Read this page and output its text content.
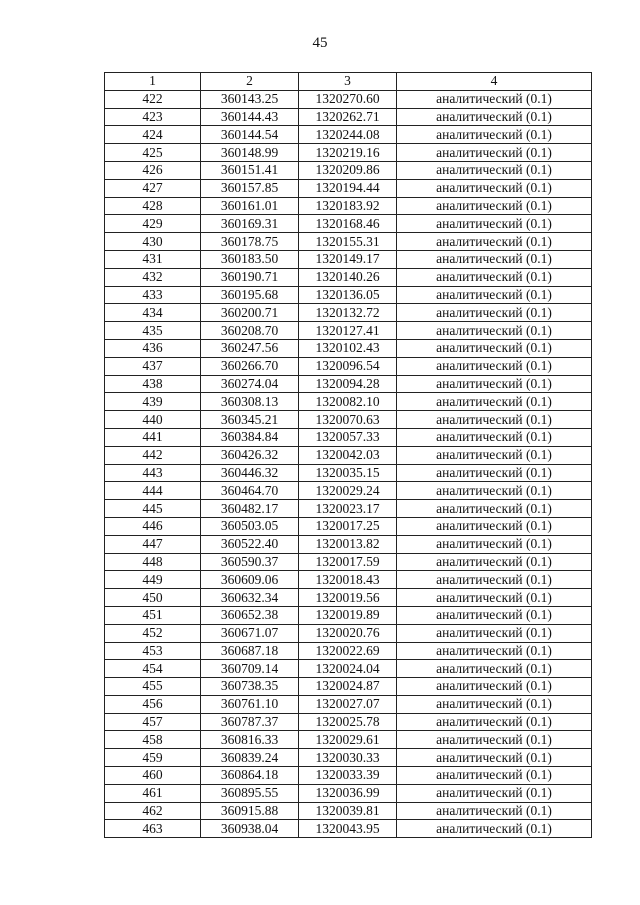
45
1	2	3	4
422	360143.25	1320270.60	аналитический (0.1)
423	360144.43	1320262.71	аналитический (0.1)
424	360144.54	1320244.08	аналитический (0.1)
425	360148.99	1320219.16	аналитический (0.1)
426	360151.41	1320209.86	аналитический (0.1)
427	360157.85	1320194.44	аналитический (0.1)
428	360161.01	1320183.92	аналитический (0.1)
429	360169.31	1320168.46	аналитический (0.1)
430	360178.75	1320155.31	аналитический (0.1)
431	360183.50	1320149.17	аналитический (0.1)
432	360190.71	1320140.26	аналитический (0.1)
433	360195.68	1320136.05	аналитический (0.1)
434	360200.71	1320132.72	аналитический (0.1)
435	360208.70	1320127.41	аналитический (0.1)
436	360247.56	1320102.43	аналитический (0.1)
437	360266.70	1320096.54	аналитический (0.1)
438	360274.04	1320094.28	аналитический (0.1)
439	360308.13	1320082.10	аналитический (0.1)
440	360345.21	1320070.63	аналитический (0.1)
441	360384.84	1320057.33	аналитический (0.1)
442	360426.32	1320042.03	аналитический (0.1)
443	360446.32	1320035.15	аналитический (0.1)
444	360464.70	1320029.24	аналитический (0.1)
445	360482.17	1320023.17	аналитический (0.1)
446	360503.05	1320017.25	аналитический (0.1)
447	360522.40	1320013.82	аналитический (0.1)
448	360590.37	1320017.59	аналитический (0.1)
449	360609.06	1320018.43	аналитический (0.1)
450	360632.34	1320019.56	аналитический (0.1)
451	360652.38	1320019.89	аналитический (0.1)
452	360671.07	1320020.76	аналитический (0.1)
453	360687.18	1320022.69	аналитический (0.1)
454	360709.14	1320024.04	аналитический (0.1)
455	360738.35	1320024.87	аналитический (0.1)
456	360761.10	1320027.07	аналитический (0.1)
457	360787.37	1320025.78	аналитический (0.1)
458	360816.33	1320029.61	аналитический (0.1)
459	360839.24	1320030.33	аналитический (0.1)
460	360864.18	1320033.39	аналитический (0.1)
461	360895.55	1320036.99	аналитический (0.1)
462	360915.88	1320039.81	аналитический (0.1)
463	360938.04	1320043.95	аналитический (0.1)
